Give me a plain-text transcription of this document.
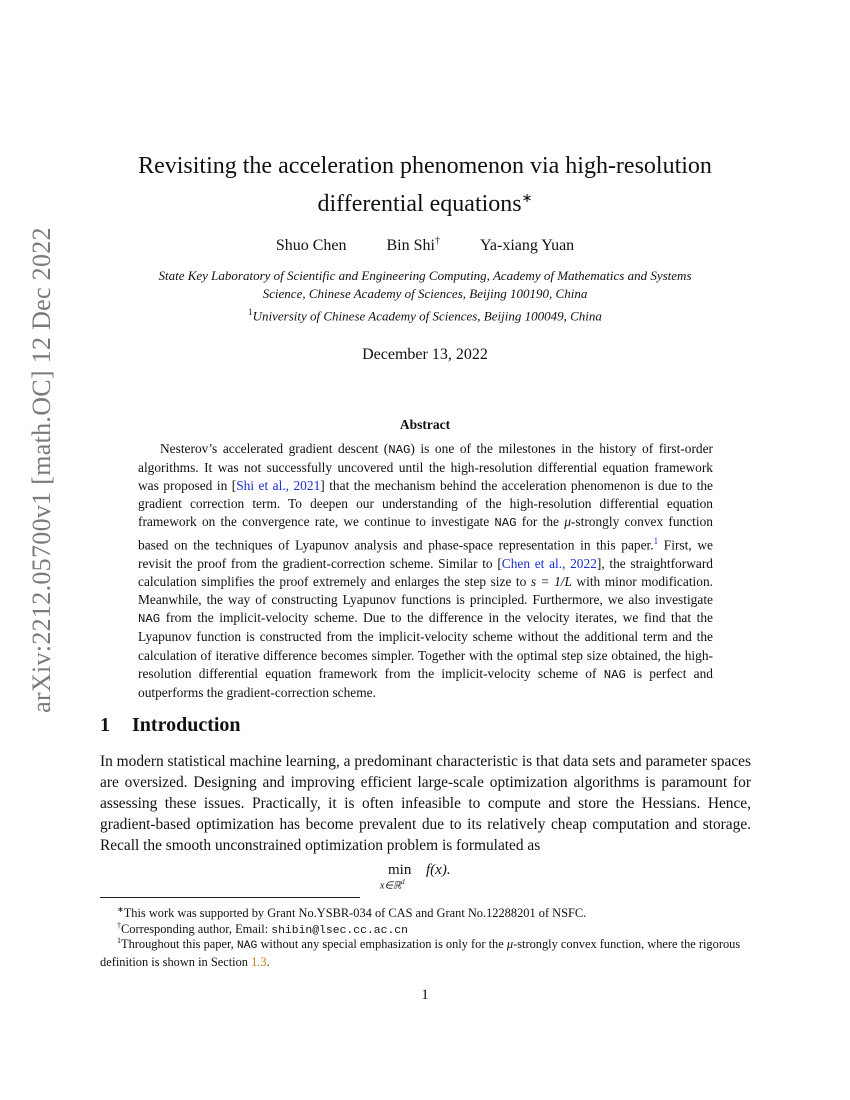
arXiv:2212.05700v1 [math.OC] 12 Dec 2022
Revisiting the acceleration phenomenon via high-resolution
differential equations∗
Shuo Chen	Bin Shi†	Ya-xiang Yuan
State Key Laboratory of Scientific and Engineering Computing, Academy of Mathematics and Systems
Science, Chinese Academy of Sciences, Beijing 100190, China
$^1$University of Chinese Academy of Sciences, Beijing 100049, China
December 13, 2022
Abstract
Nesterov’s accelerated gradient descent (NAG) is one of the milestones in the history of first-order algorithms. It was not successfully uncovered until the high-resolution differential equation framework was proposed in [Shi et al., 2021] that the mechanism behind the acceleration phenomenon is due to the gradient correction term. To deepen our understanding of the high-resolution differential equation framework on the convergence rate, we continue to investigate NAG for the μ-strongly convex function based on the techniques of Lyapunov analysis and phase-space representation in this paper.$^1$ First, we revisit the proof from the gradient-correction scheme. Similar to [Chen et al., 2022], the straightforward calculation simplifies the proof extremely and enlarges the step size to s = 1/L with minor modification. Meanwhile, the way of constructing Lyapunov functions is principled. Furthermore, we also investigate NAG from the implicit-velocity scheme. Due to the difference in the velocity iterates, we find that the Lyapunov function is constructed from the implicit-velocity scheme without the additional term and the calculation of iterative difference becomes simpler. Together with the optimal step size obtained, the high-resolution differential equation framework from the implicit-velocity scheme of NAG is perfect and outperforms the gradient-correction scheme.
1 Introduction
In modern statistical machine learning, a predominant characteristic is that data sets and parameter spaces are oversized. Designing and improving efficient large-scale optimization algorithms is paramount for assessing these issues. Practically, it is often infeasible to compute and store the Hessians. Hence, gradient-based optimization has become prevalent due to its relatively cheap computation and storage. Recall the smooth unconstrained optimization problem is formulated as
min
x∈ℝ$^d$
f(x).
∗This work was supported by Grant No.YSBR-034 of CAS and Grant No.12288201 of NSFC.
†Corresponding author, Email: shibin@lsec.cc.ac.cn
$^1$Throughout this paper, NAG without any special emphasization is only for the μ-strongly convex function, where the rigorous definition is shown in Section 1.3.
1
